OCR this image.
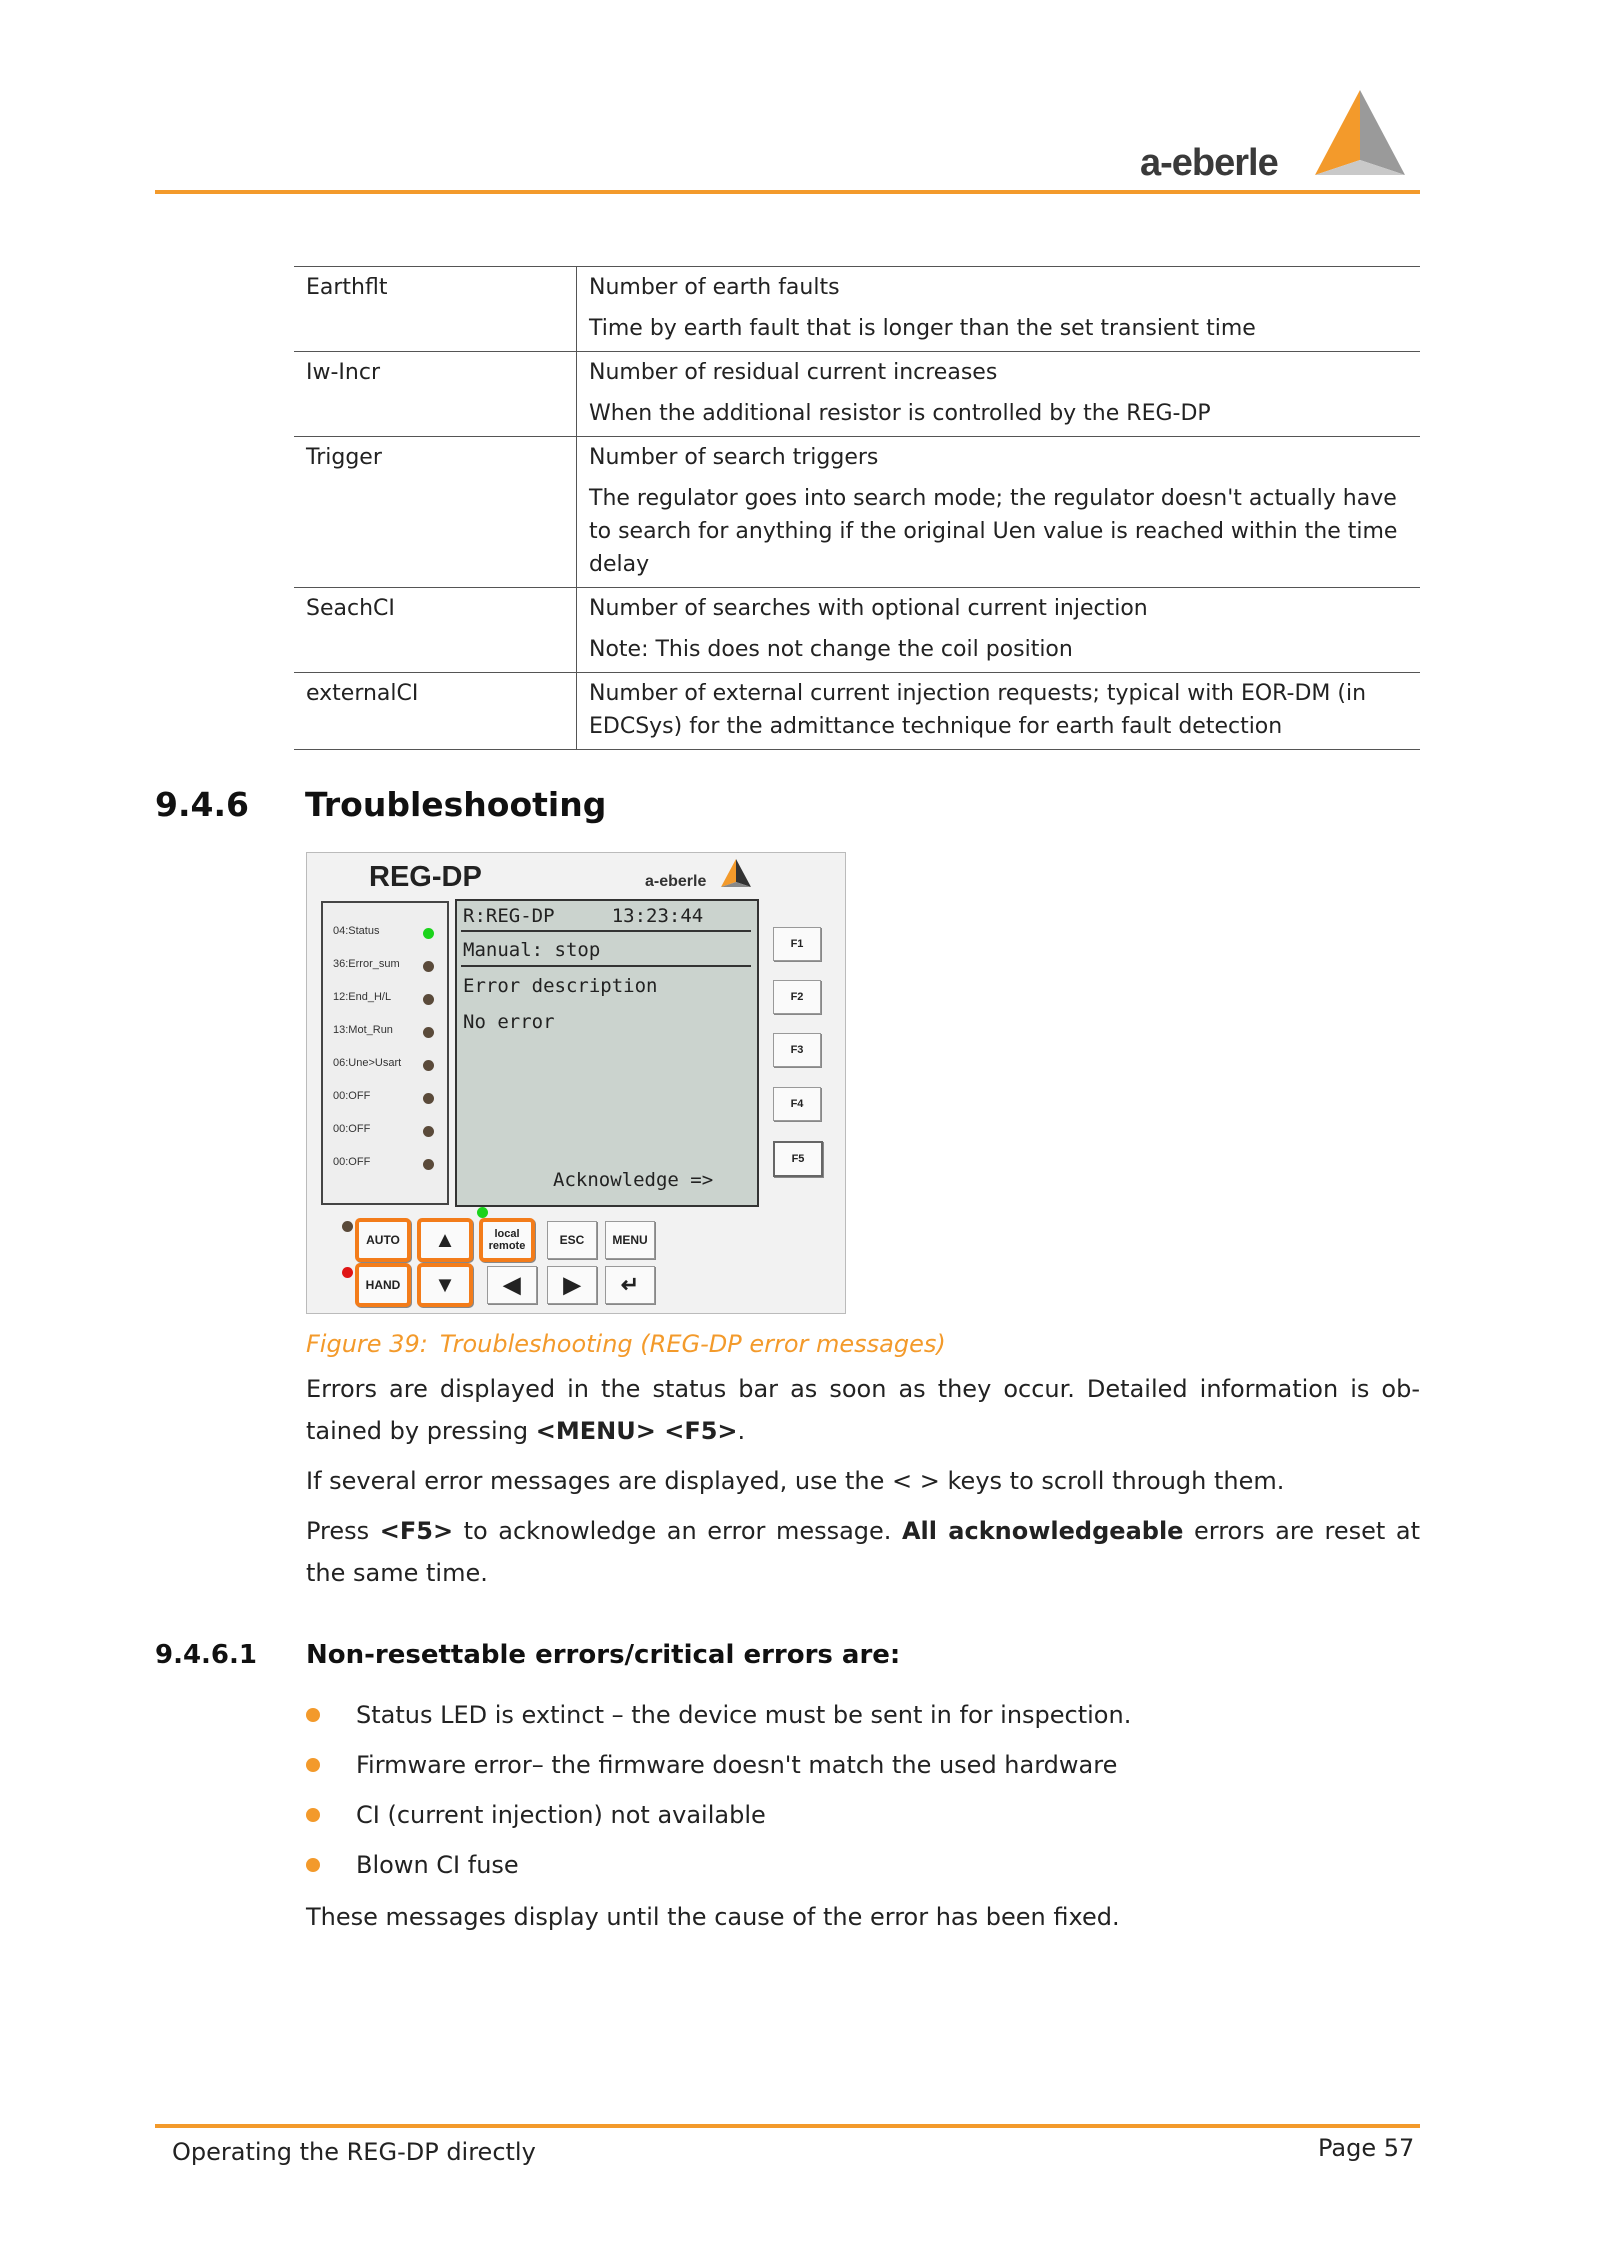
a-eberle
Earthflt	Number of earth faults
Time by earth fault that is longer than the set transient time

Iw-Incr	Number of residual current increases
When the additional resistor is controlled by the REG-DP

Trigger	Number of search triggers
The regulator goes into search mode; the regulator doesn't actually have to search for anything if the original Uen value is reached within the time delay

SeachCI	Number of searches with optional current injection
Note: This does not change the coil position

externalCI	Number of external current injection requests; typical with EOR-DM (in EDCSys) for the admittance technique for earth fault detection
9.4.6 Troubleshooting
REG-DP	a-eberle
04:Status
36:Error_sum
12:End_H/L
13:Mot_Run
06:Une>Usart
00:OFF
00:OFF
00:OFF
R:REG-DP     13:23:44
Manual: stop
Error description
No error
Acknowledge =>
F1
F2
F3
F4
F5
AUTO
HAND
▲
▼
local
remote	ESC	MENU
◀	▶	↵
Figure 39: Troubleshooting (REG-DP error messages)
Errors are displayed in the status bar as soon as they occur. Detailed information is ob-tained by pressing <MENU> <F5>.
If several error messages are displayed, use the < > keys to scroll through them.
Press <F5> to acknowledge an error message. All acknowledgeable errors are reset at the same time.
9.4.6.1 Non-resettable errors/critical errors are:
Status LED is extinct – the device must be sent in for inspection.
Firmware error– the firmware doesn't match the used hardware
CI (current injection) not available
Blown CI fuse
These messages display until the cause of the error has been fixed.
Operating the REG-DP directly	Page 57
